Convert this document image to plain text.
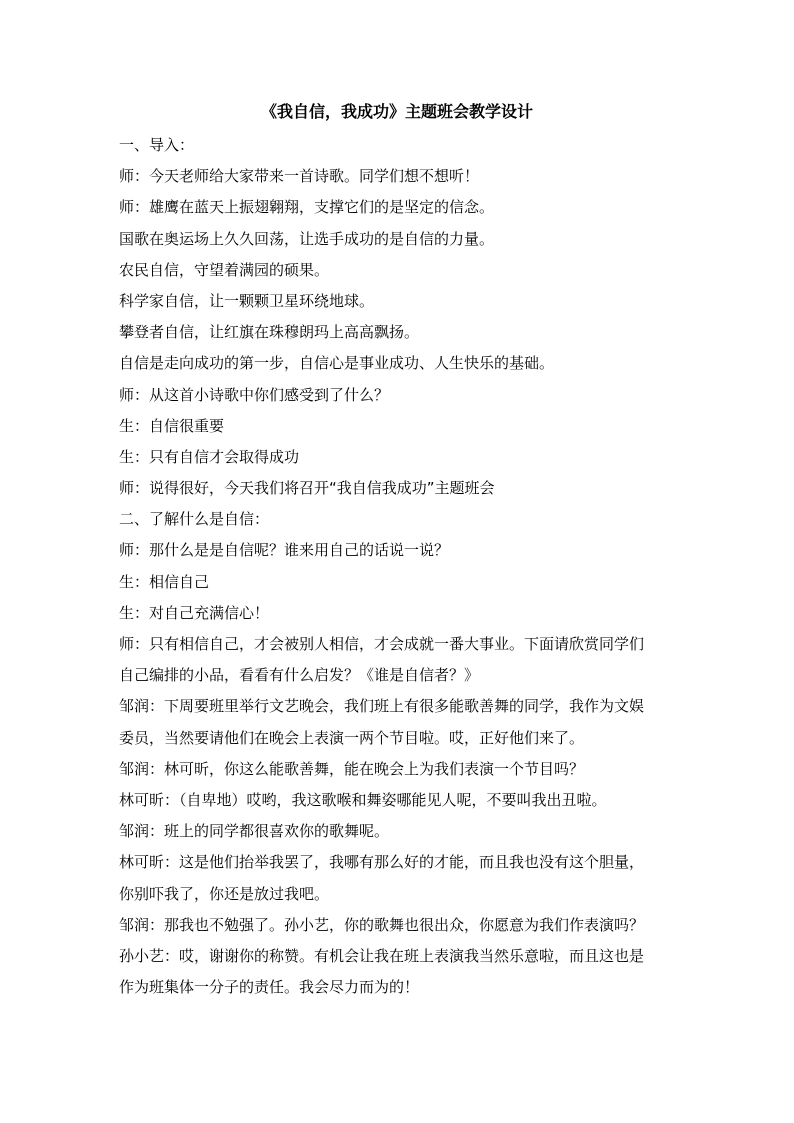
《我自信，我成功》主题班会教学设计
一、导入：
师：今天老师给大家带来一首诗歌。同学们想不想听！
师：雄鹰在蓝天上振翅翱翔，支撑它们的是坚定的信念。
国歌在奥运场上久久回荡，让选手成功的是自信的力量。
农民自信，守望着满园的硕果。
科学家自信，让一颗颗卫星环绕地球。
攀登者自信，让红旗在珠穆朗玛上高高飘扬。
自信是走向成功的第一步，自信心是事业成功、人生快乐的基础。
师：从这首小诗歌中你们感受到了什么？
生：自信很重要
生：只有自信才会取得成功
师：说得很好，今天我们将召开“我自信我成功”主题班会
二、了解什么是自信：
师：那什么是是自信呢？谁来用自己的话说一说？
生：相信自己
生：对自己充满信心！
师：只有相信自己，才会被别人相信，才会成就一番大事业。下面请欣赏同学们
自己编排的小品，看看有什么启发？《谁是自信者？》
邹润：下周要班里举行文艺晚会，我们班上有很多能歌善舞的同学，我作为文娱
委员，当然要请他们在晚会上表演一两个节目啦。哎，正好他们来了。
邹润：林可昕，你这么能歌善舞，能在晚会上为我们表演一个节目吗？
林可昕：（自卑地）哎哟，我这歌喉和舞姿哪能见人呢，不要叫我出丑啦。
邹润：班上的同学都很喜欢你的歌舞呢。
林可昕：这是他们抬举我罢了，我哪有那么好的才能，而且我也没有这个胆量，
你别吓我了，你还是放过我吧。
邹润：那我也不勉强了。孙小艺，你的歌舞也很出众，你愿意为我们作表演吗？
孙小艺：哎，谢谢你的称赞。有机会让我在班上表演我当然乐意啦，而且这也是
作为班集体一分子的责任。我会尽力而为的！
